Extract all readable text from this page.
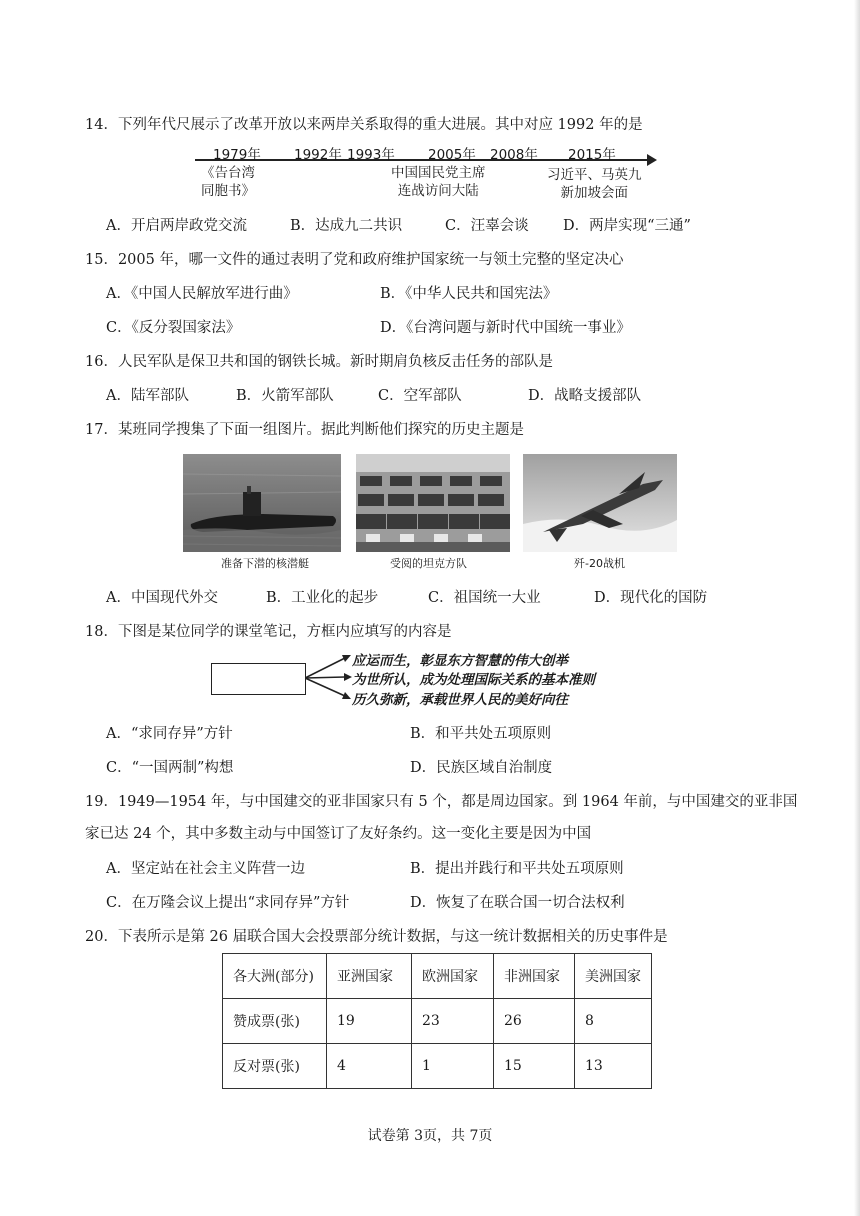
14．下列年代尺展示了改革开放以来两岸关系取得的重大进展。其中对应 1992 年的是
1979年 1992年 1993年 2005年 2008年 2015年
《告台湾
同胞书》
中国国民党主席
连战访问大陆
习近平、马英九
新加坡会面
A．开启两岸政党交流	B．达成九二共识	C．汪辜会谈 D．两岸实现“三通”
15．2005 年，哪一文件的通过表明了党和政府维护国家统一与领土完整的坚定决心
A．《中国人民解放军进行曲》	B．《中华人民共和国宪法》
C．《反分裂国家法》	D．《台湾问题与新时代中国统一事业》
16．人民军队是保卫共和国的钢铁长城。新时期肩负核反击任务的部队是
A．陆军部队	B．火箭军部队	C．空军部队	D．战略支援部队
17．某班同学搜集了下面一组图片。据此判断他们探究的历史主题是
准备下潜的核潜艇	受阅的坦克方队	歼-20战机
A．中国现代外交	B．工业化的起步	C．祖国统一大业	D．现代化的国防
18．下图是某位同学的课堂笔记，方框内应填写的内容是
应运而生，彰显东方智慧的伟大创举
为世所认，成为处理国际关系的基本准则
历久弥新，承载世界人民的美好向往
A．“求同存异”方针	B．和平共处五项原则
C．“一国两制”构想	D．民族区域自治制度
19．1949—1954 年，与中国建交的亚非国家只有 5 个，都是周边国家。到 1964 年前，与中国建交的亚非国
家已达 24 个，其中多数主动与中国签订了友好条约。这一变化主要是因为中国
A．坚定站在社会主义阵营一边	B．提出并践行和平共处五项原则
C．在万隆会议上提出“求同存异”方针	D．恢复了在联合国一切合法权利
20．下表所示是第 26 届联合国大会投票部分统计数据，与这一统计数据相关的历史事件是
各大洲(部分)	亚洲国家	欧洲国家	非洲国家	美洲国家
赞成票(张)	19	23	26	8
反对票(张)	4	1	15	13
试卷第 3页，共 7页
